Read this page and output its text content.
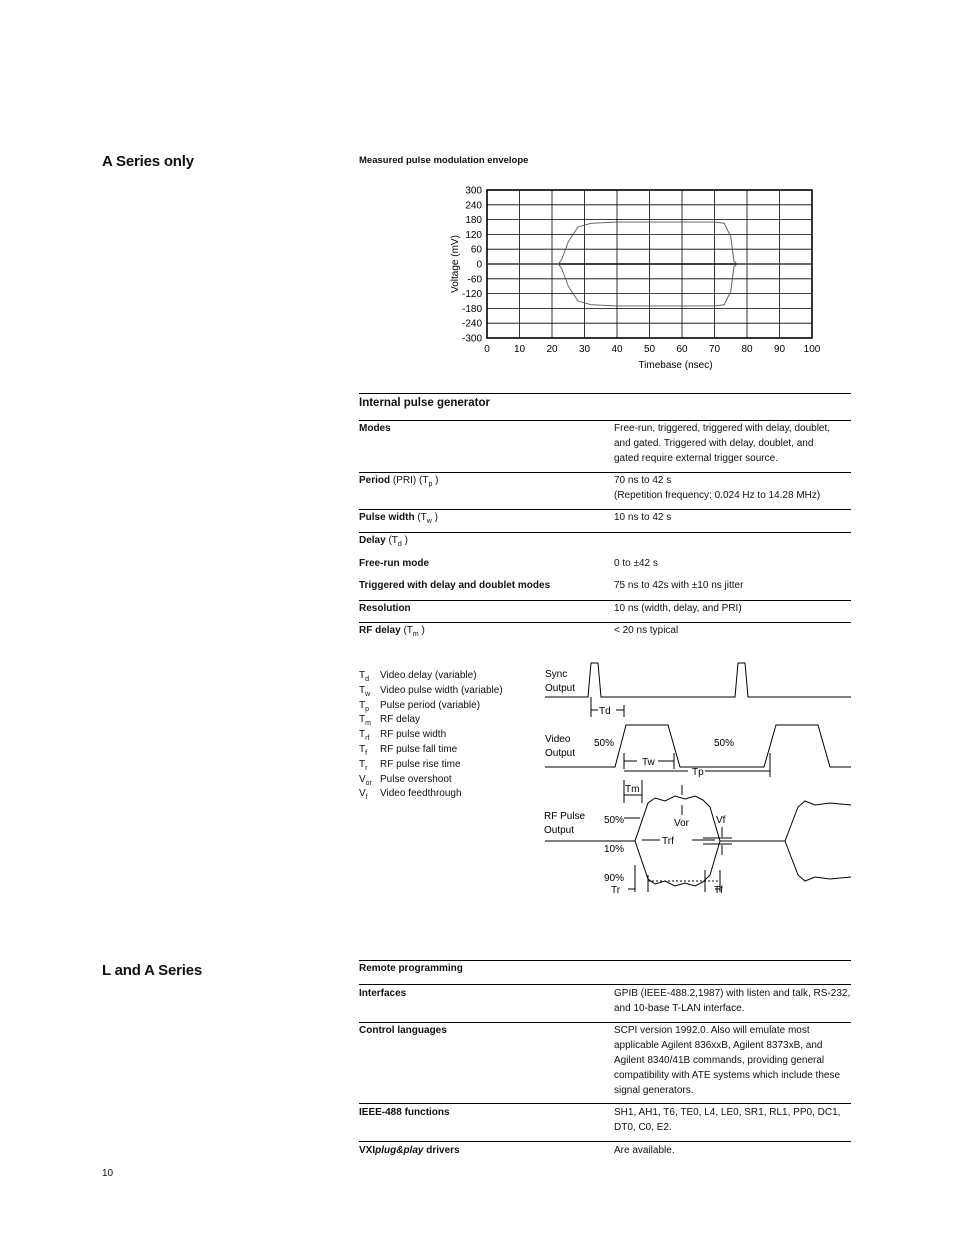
A Series only
L and A Series
Measured pulse modulation envelope
300
240
180
120
60
0
-60
-120
-180
-240
-300
0 10 20 30 40 50 60 70 80 90 100
Timebase (nsec)
Voltage (mV)
Internal pulse generator
Modes	Free-run, triggered, triggered with delay, doublet,
and gated. Triggered with delay, doublet, and
gated require external trigger source.
Period (PRI) ($T_p$ )	70 ns to 42 s
(Repetition frequency: 0.024 Hz to 14.28 MHz)
Pulse width ($T_w$ )	10 ns to 42 s
Delay ($T_d$ )
Free-run mode	0 to ±42 s
Triggered with delay and doublet modes	75 ns to 42s with ±10 ns jitter
Resolution	10 ns (width, delay, and PRI)
RF delay ($T_m$ )	< 20 ns typical
$T_d$ Video delay (variable)
$T_w$ Video pulse width (variable)
$T_p$ Pulse period (variable)
$T_m$ RF delay
$T_{rf}$ RF pulse width
$T_f$ RF pulse fall time
$T_r$ RF pulse rise time
$V_{or}$ Pulse overshoot
$V_f$ Video feedthrough
Sync
Output
Video
Output
RF Pulse
Output
Td
50%	50%
Tw
Tp
Tm
50%	Vor	Vf
Trf
10%
90%
Tr	Tf
Remote programming
Interfaces	GPIB (IEEE-488.2,1987) with listen and talk, RS-232,
and 10-base T-LAN interface.
Control languages	SCPI version 1992.0. Also will emulate most
applicable Agilent 836xxB, Agilent 8373xB, and
Agilent 8340/41B commands, providing general
compatibility with ATE systems which include these
signal generators.
IEEE-488 functions	SH1, AH1, T6, TE0, L4, LE0, SR1, RL1, PP0, DC1,
DT0, C0, E2.
VXIplug&play drivers	Are available.
10
